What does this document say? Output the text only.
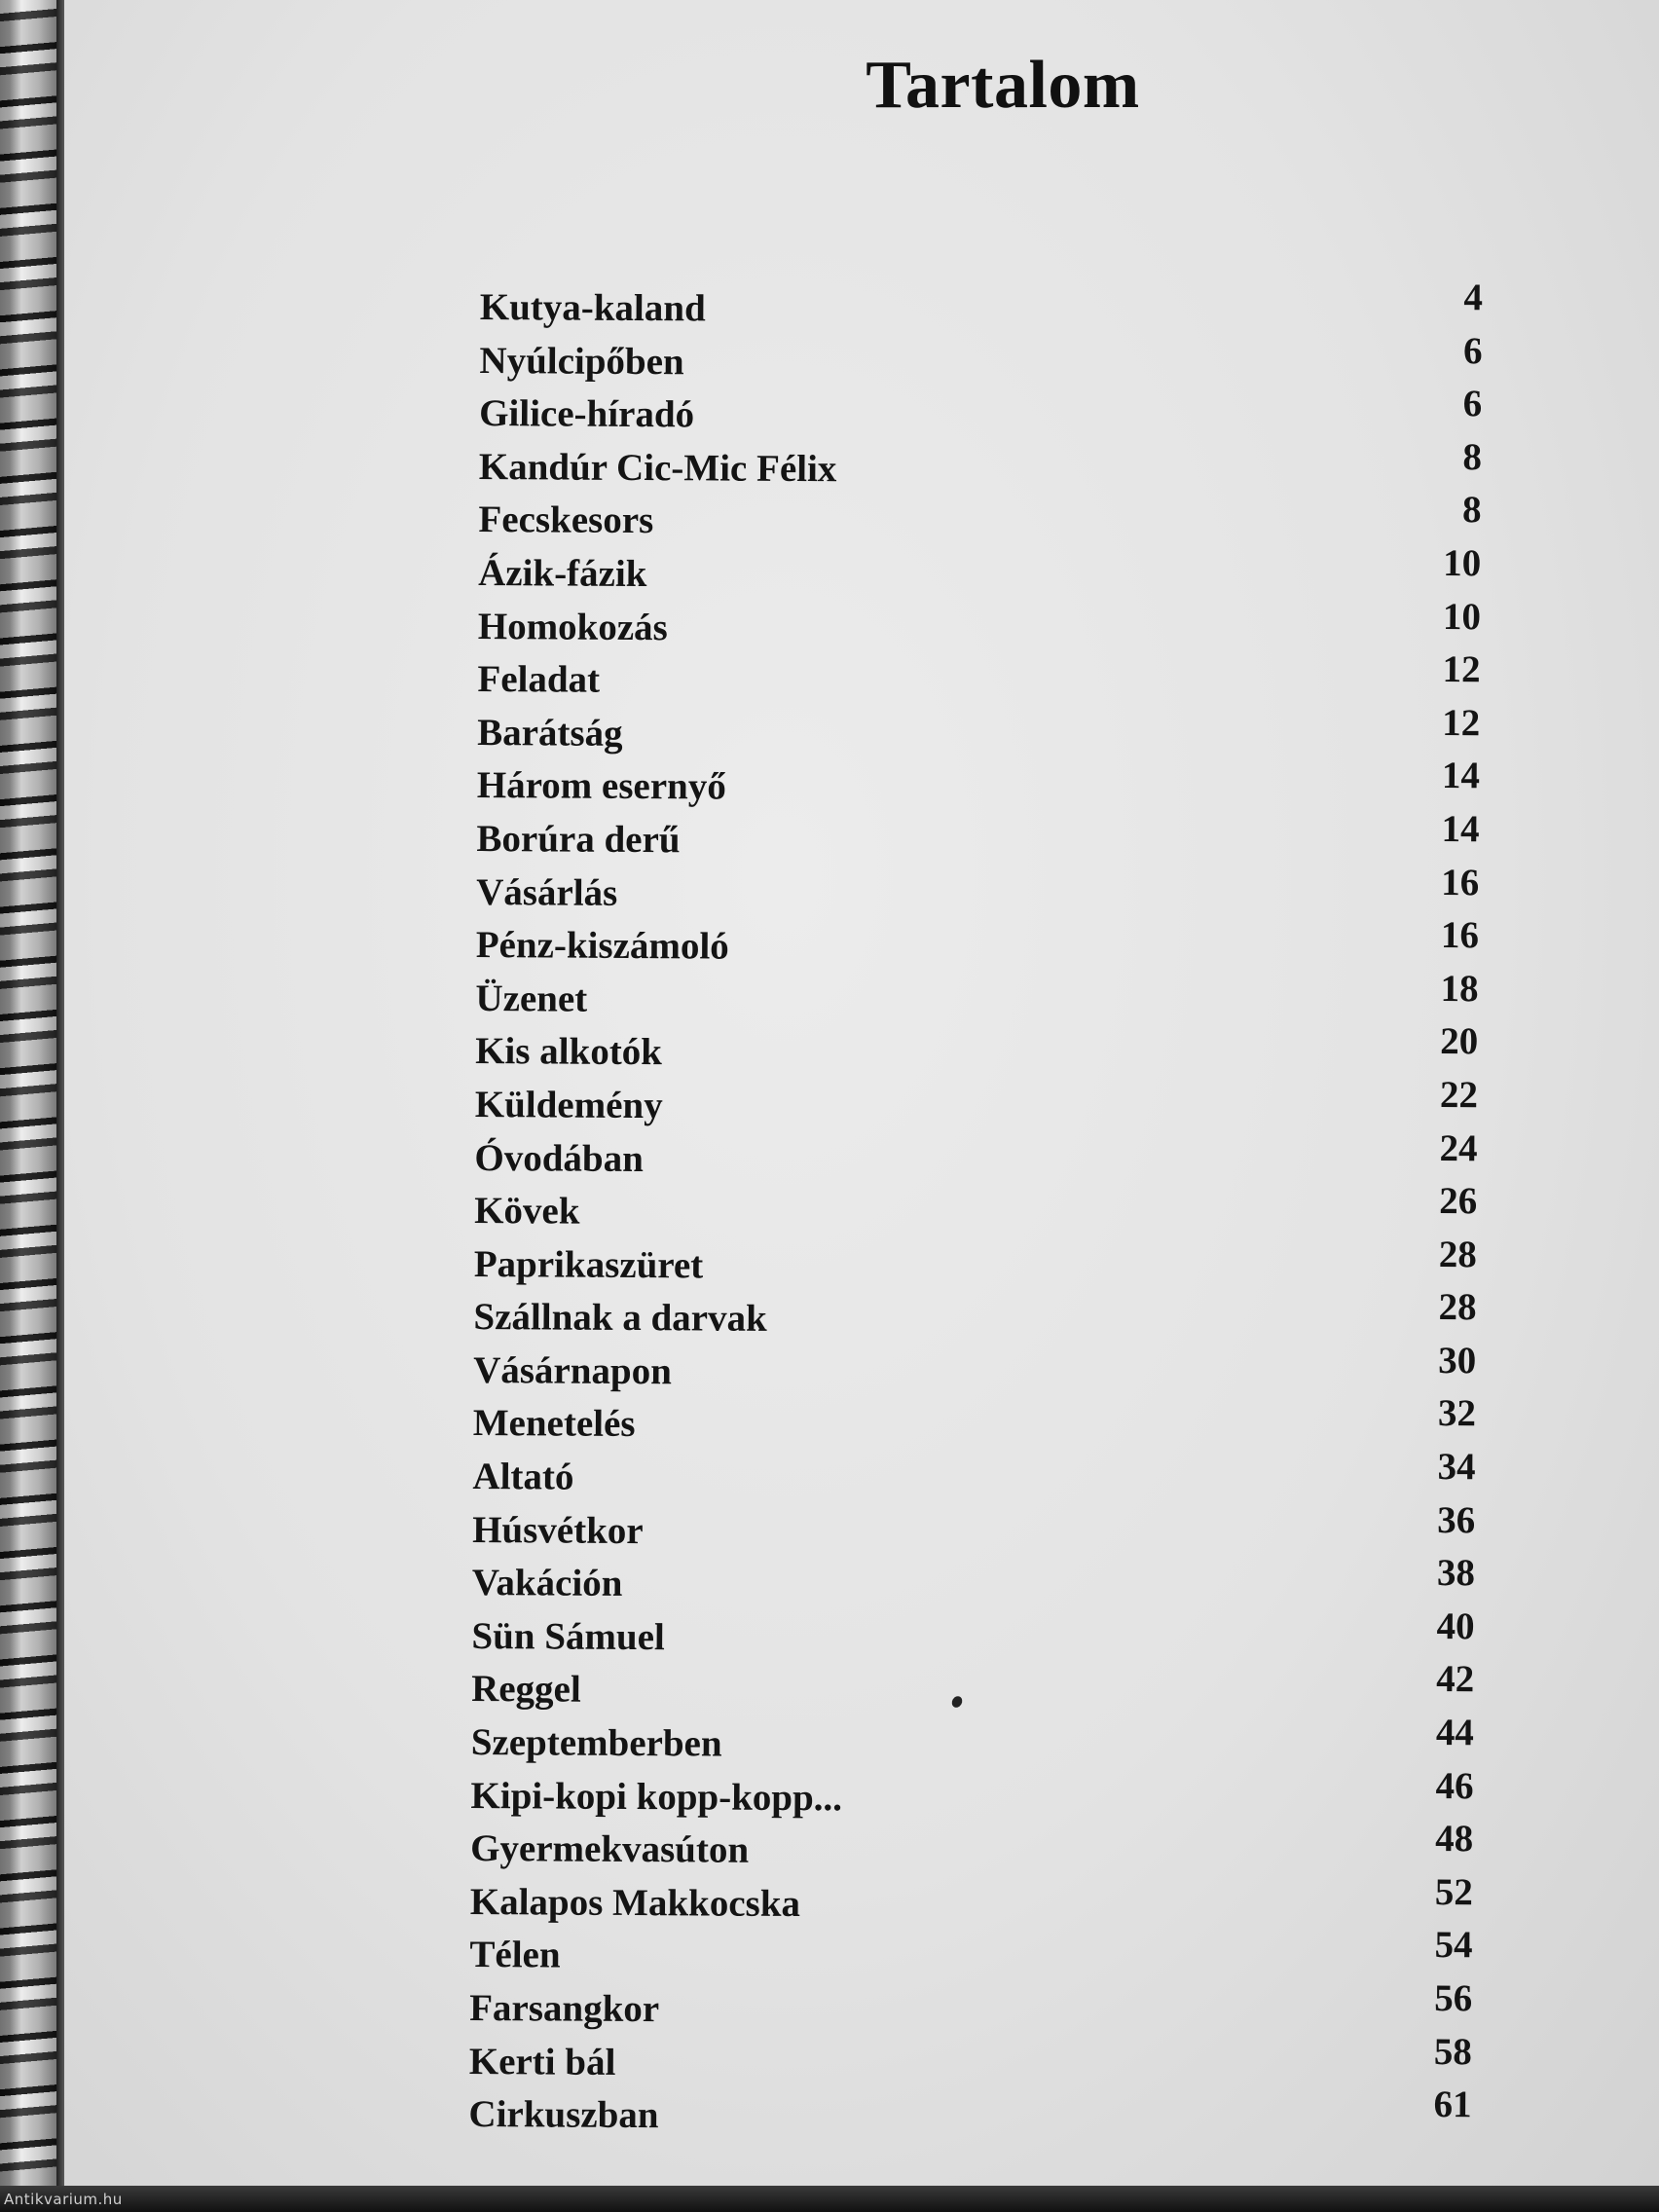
Tartalom
Kutya-kaland	4
Nyúlcipőben	6
Gilice-híradó	6
Kandúr Cic-Mic Félix	8
Fecskesors	8
Ázik-fázik	10
Homokozás	10
Feladat	12
Barátság	12
Három esernyő	14
Borúra derű	14
Vásárlás	16
Pénz-kiszámoló	16
Üzenet	18
Kis alkotók	20
Küldemény	22
Óvodában	24
Kövek	26
Paprikaszüret	28
Szállnak a darvak	28
Vásárnapon	30
Menetelés	32
Altató	34
Húsvétkor	36
Vakáción	38
Sün Sámuel	40
Reggel	42
Szeptemberben	44
Kipi-kopi kopp-kopp...	46
Gyermekvasúton	48
Kalapos Makkocska	52
Télen	54
Farsangkor	56
Kerti bál	58
Cirkuszban	61
Antikvarium.hu
